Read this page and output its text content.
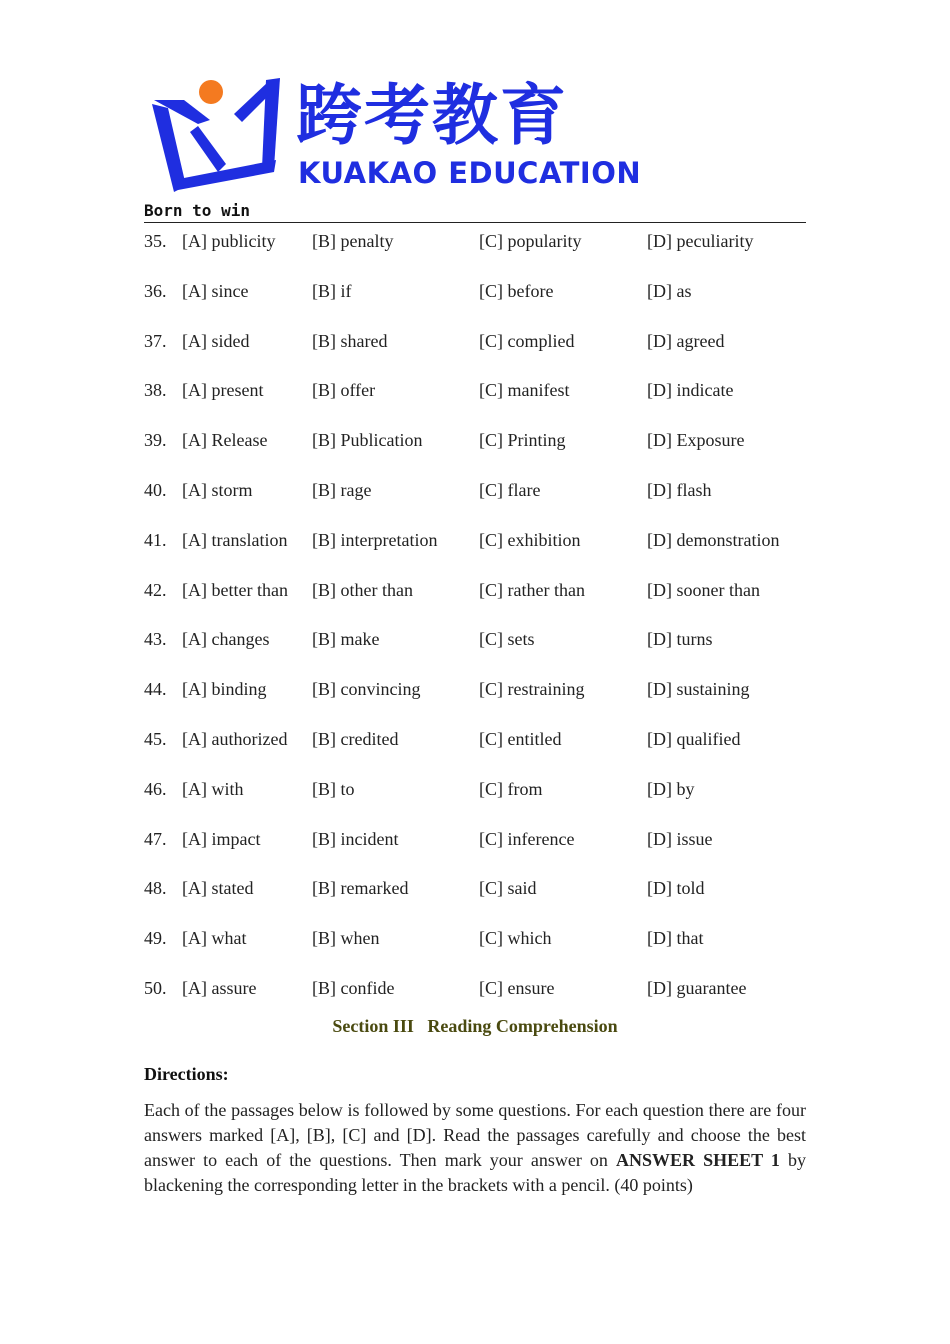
跨考教育
KUAKAO EDUCATION
Born to win
35. [A] publicity [B] penalty	[C] popularity	[D] peculiarity
36. [A] since	[B] if	[C] before	[D] as
37. [A] sided	[B] shared	[C] complied	[D] agreed
38. [A] present	[B] offer	[C] manifest	[D] indicate
39. [A] Release [B] Publication	[C] Printing	[D] Exposure
40. [A] storm	[B] rage	[C] flare	[D] flash
41. [A] translation [B] interpretation [C] exhibition	[D] demonstration
42. [A] better than [B] other than	[C] rather than	[D] sooner than
43. [A] changes [B] make	[C] sets	[D] turns
44. [A] binding	[B] convincing	[C] restraining	[D] sustaining
45. [A] authorized [B] credited	[C] entitled	[D] qualified
46. [A] with	[B] to	[C] from	[D] by
47. [A] impact	[B] incident	[C] inference	[D] issue
48. [A] stated	[B] remarked	[C] said	[D] told
49. [A] what	[B] when	[C] which	[D] that
50. [A] assure	[B] confide	[C] ensure	[D] guarantee
Section III   Reading Comprehension
Directions:

Each of the passages below is followed by some questions. For each question there are four answers marked [A], [B], [C] and [D]. Read the passages carefully and choose the best answer to each of the questions. Then mark your answer on ANSWER SHEET 1 by blackening the corresponding letter in the brackets with a pencil. (40 points)
